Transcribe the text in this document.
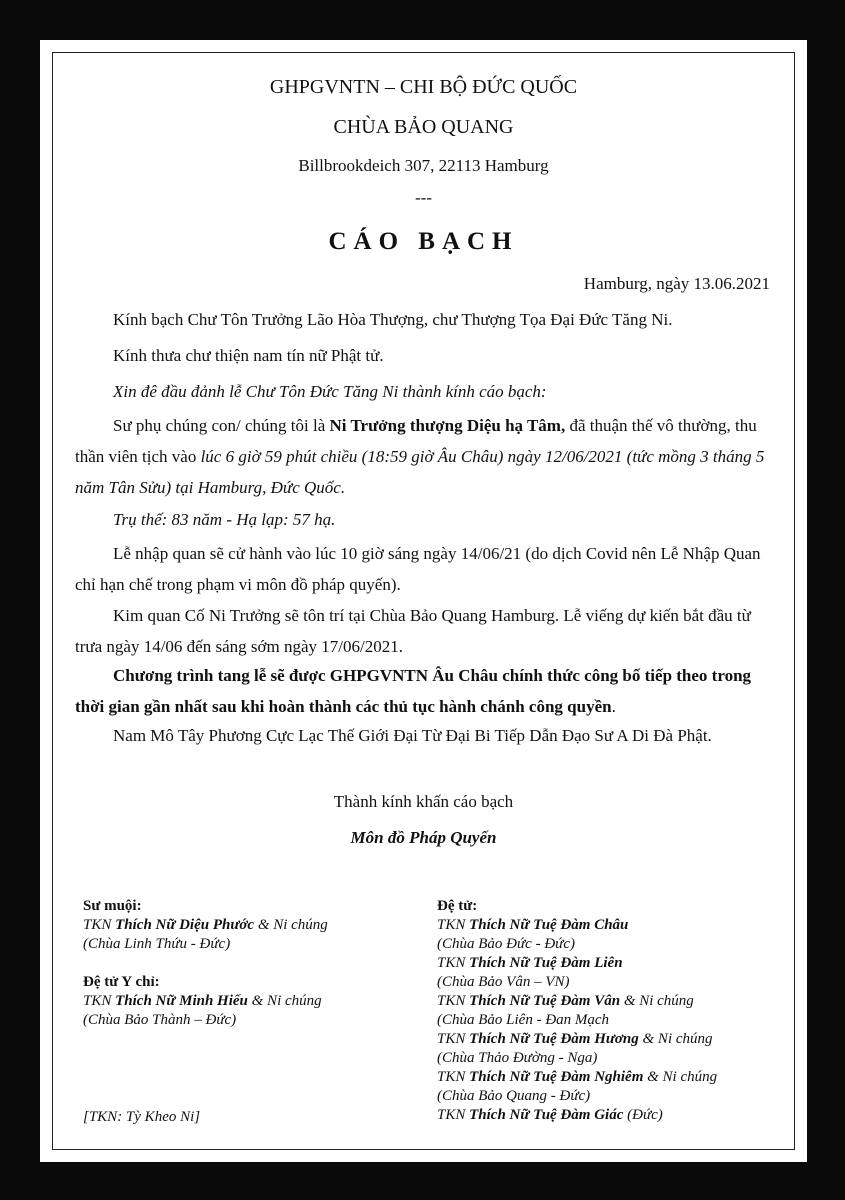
GHPGVNTN – CHI BỘ ĐỨC QUỐC
CHÙA BẢO QUANG
Billbrookdeich 307, 22113 Hamburg
---
CÁO BẠCH
Hamburg, ngày 13.06.2021
Kính bạch Chư Tôn Trưởng Lão Hòa Thượng, chư Thượng Tọa Đại Đức Tăng Ni.
Kính thưa chư thiện nam tín nữ Phật tử.
Xin đê đầu đảnh lễ Chư Tôn Đức Tăng Ni thành kính cáo bạch:
Sư phụ chúng con/ chúng tôi là Ni Trưởng thượng Diệu hạ Tâm, đã thuận thế vô thường, thu thần viên tịch vào lúc 6 giờ 59 phút chiều (18:59 giờ Âu Châu) ngày 12/06/2021 (tức mồng 3 tháng 5 năm Tân Sửu) tại Hamburg, Đức Quốc.
Trụ thế: 83 năm - Hạ lạp: 57 hạ.
Lễ nhập quan sẽ cử hành vào lúc 10 giờ sáng ngày 14/06/21 (do dịch Covid nên Lễ Nhập Quan chỉ hạn chế trong phạm vi môn đồ pháp quyến).
Kim quan Cố Ni Trưởng sẽ tôn trí tại Chùa Bảo Quang Hamburg. Lễ viếng dự kiến bắt đầu từ trưa ngày 14/06 đến sáng sớm ngày 17/06/2021.
Chương trình tang lễ sẽ được GHPGVNTN Âu Châu chính thức công bố tiếp theo trong thời gian gần nhất sau khi hoàn thành các thủ tục hành chánh công quyền.
Nam Mô Tây Phương Cực Lạc Thế Giới Đại Từ Đại Bi Tiếp Dẫn Đạo Sư A Di Đà Phật.
Thành kính khấn cáo bạch
Môn đồ Pháp Quyến
Sư muội:
TKN Thích Nữ Diệu Phước & Ni chúng
(Chùa Linh Thứu - Đức)
Đệ tử Y chỉ:
TKN Thích Nữ Minh Hiếu & Ni chúng
(Chùa Bảo Thành – Đức)
[TKN: Tỳ Kheo Ni]
Đệ tử:
TKN Thích Nữ Tuệ Đàm Châu
(Chùa Bảo Đức - Đức)
TKN Thích Nữ Tuệ Đàm Liên
(Chùa Bảo Vân – VN)
TKN Thích Nữ Tuệ Đàm Vân & Ni chúng
(Chùa Bảo Liên - Đan Mạch
TKN Thích Nữ Tuệ Đàm Hương & Ni chúng
(Chùa Thảo Đường - Nga)
TKN Thích Nữ Tuệ Đàm Nghiêm & Ni chúng
(Chùa Bảo Quang - Đức)
TKN Thích Nữ Tuệ Đàm Giác (Đức)
